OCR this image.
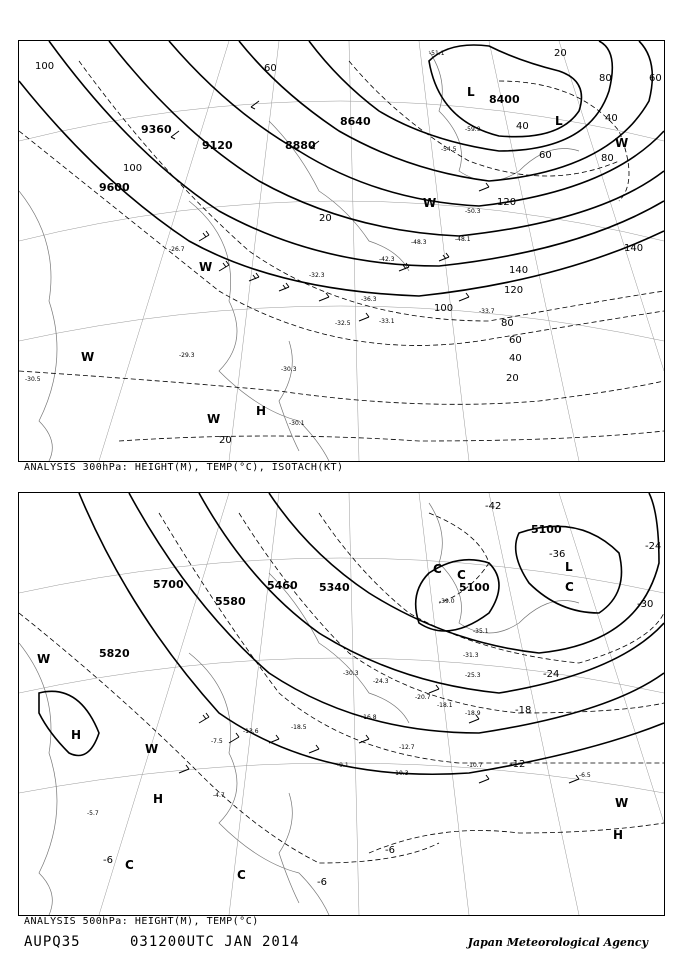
9600
9360
9120	8880
8640
8400
100
100
60
40
80	60
40
80
60
120
140
140
120
100
80
60
40
20
20
20
20
-30.5
-26.7
-32.3
-36.3
-48.3
-42.3
-48.1
-50.3
-54.5
-59.9
-51.1
-33.1
-32.5
-29.3
-30.3
-30.1
-33.7
L
L
W
W
W
W
H
W
ANALYSIS 300hPa: HEIGHT(M), TEMP(°C), ISOTACH(KT)
5820
5700
5580
5460 5340	5100
5100
-42
-36
-30
-24
-18
-12
-6
-6
-6
-24
-39.0
-35.1
-31.3
-25.3
-20.7
-18.1
-18.9
-10.7
-10.3
-12.7
-6.5
-16.8
-18.5
-13.6
-7.5
-5.7
-4.7
-9.1
-24.3
-30.3
C C
L
C
H
W
H
W
H
C
W
C
ANALYSIS 500hPa: HEIGHT(M), TEMP(°C)
AUPQ35	031200UTC JAN 2014	Japan Meteorological Agency
